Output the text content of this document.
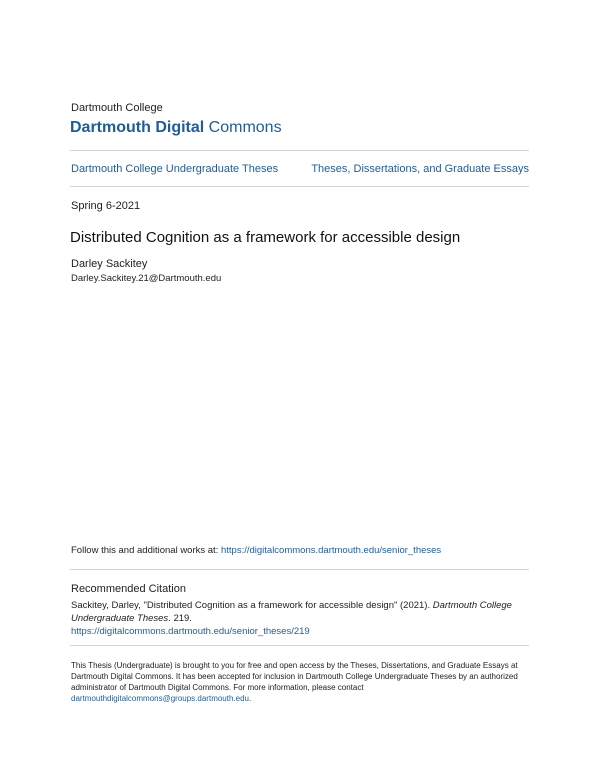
Dartmouth College
Dartmouth Digital Commons
Dartmouth College Undergraduate Theses	Theses, Dissertations, and Graduate Essays
Spring 6-2021
Distributed Cognition as a framework for accessible design
Darley Sackitey
Darley.Sackitey.21@Dartmouth.edu
Follow this and additional works at: https://digitalcommons.dartmouth.edu/senior_theses
Recommended Citation
Sackitey, Darley, "Distributed Cognition as a framework for accessible design" (2021). Dartmouth College Undergraduate Theses. 219.
https://digitalcommons.dartmouth.edu/senior_theses/219
This Thesis (Undergraduate) is brought to you for free and open access by the Theses, Dissertations, and Graduate Essays at Dartmouth Digital Commons. It has been accepted for inclusion in Dartmouth College Undergraduate Theses by an authorized administrator of Dartmouth Digital Commons. For more information, please contact dartmouthdigitalcommons@groups.dartmouth.edu.
